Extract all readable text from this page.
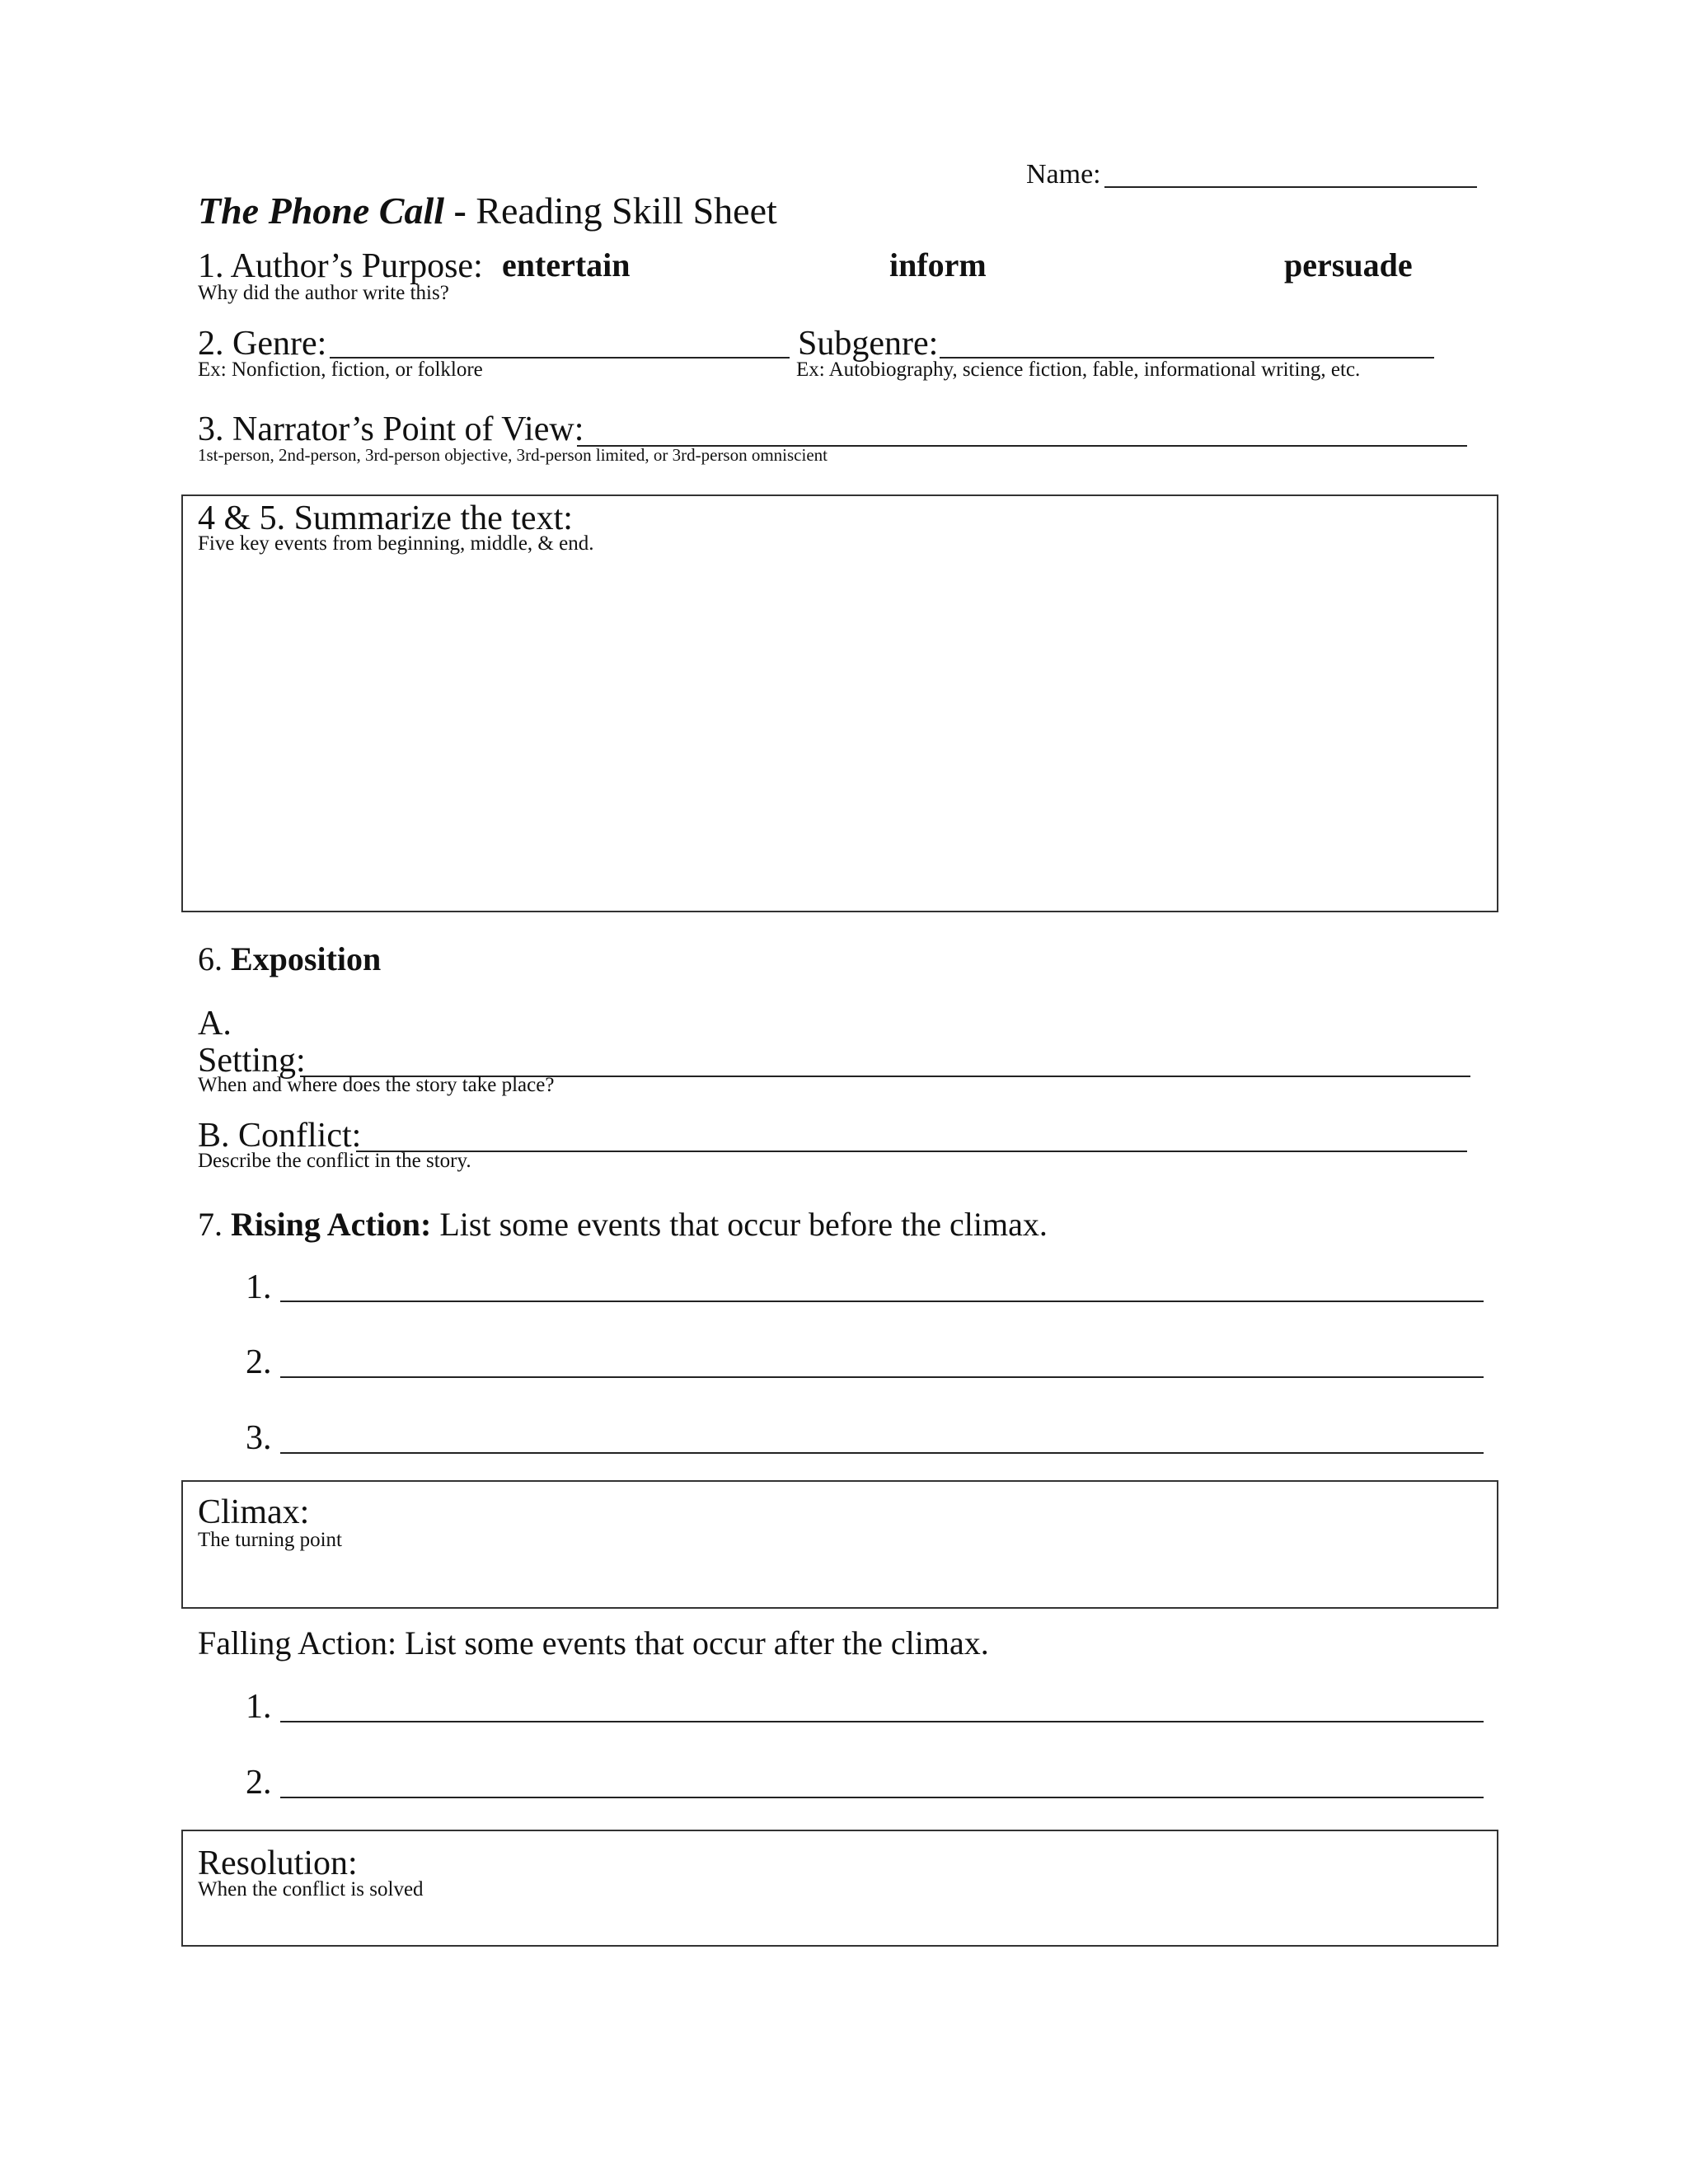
Name:
The Phone Call - Reading Skill Sheet
1. Author’s Purpose: entertain	inform	persuade
Why did the author write this?
2. Genre:
Ex: Nonfiction, fiction, or folklore
Subgenre:
Ex: Autobiography, science fiction, fable, informational writing, etc.
3. Narrator’s Point of View:
1st-person, 2nd-person, 3rd-person objective, 3rd-person limited, or 3rd-person omniscient
4 & 5. Summarize the text:
Five key events from beginning, middle, & end.
6. Exposition
A.
Setting:
When and where does the story take place?
B. Conflict:
Describe the conflict in the story.
7. Rising Action: List some events that occur before the climax.
1.
2.
3.
Climax:
The turning point
Falling Action: List some events that occur after the climax.
1.
2.
Resolution:
When the conflict is solved
